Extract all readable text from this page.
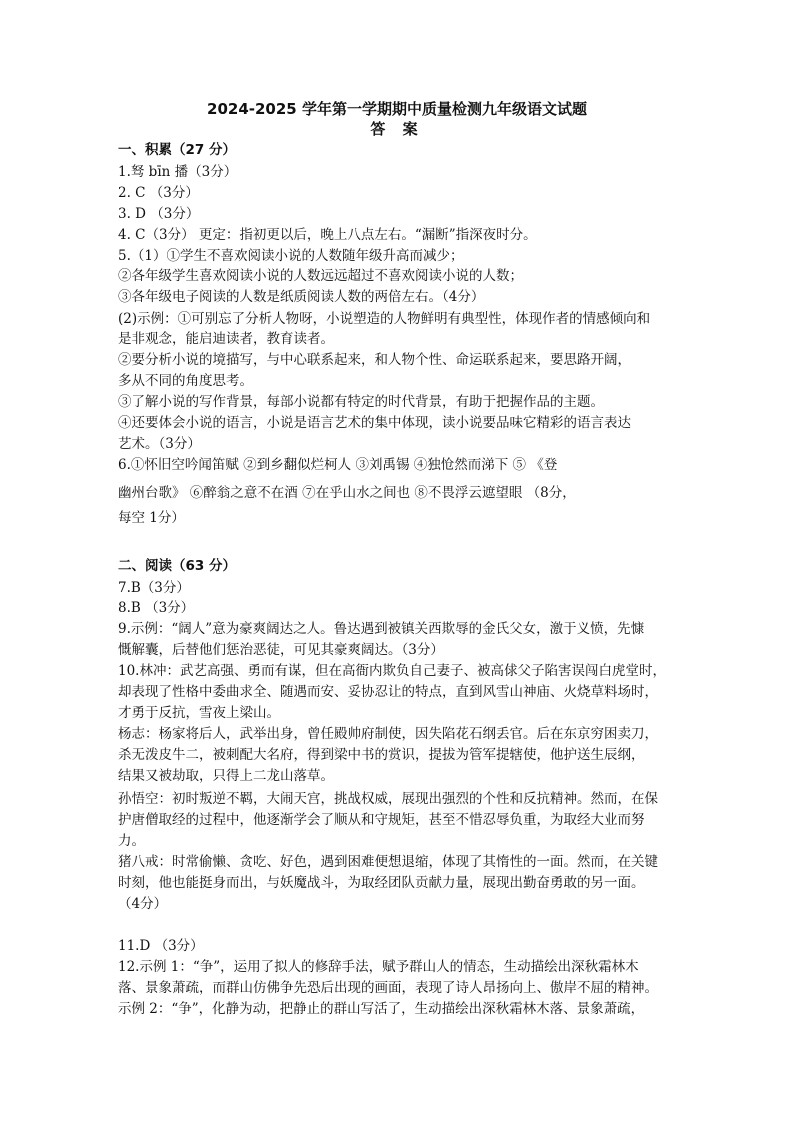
2024-2025 学年第一学期期中质量检测九年级语文试题
答 案
一、积累（27 分）
1.驽 bīn 播（3分）
2. C （3分）
3. D （3分）
4. C（3分） 更定：指初更以后，晚上八点左右。“漏断”指深夜时分。
5.（1）①学生不喜欢阅读小说的人数随年级升高而减少；
②各年级学生喜欢阅读小说的人数远远超过不喜欢阅读小说的人数；
③各年级电子阅读的人数是纸质阅读人数的两倍左右。（4分）
(2)示例：①可别忘了分析人物呀，小说塑造的人物鲜明有典型性，体现作者的情感倾向和
是非观念，能启迪读者，教育读者。
②要分析小说的境描写，与中心联系起来，和人物个性、命运联系起来，要思路开阔，
多从不同的角度思考。
③了解小说的写作背景，每部小说都有特定的时代背景，有助于把握作品的主题。
④还要体会小说的语言，小说是语言艺术的集中体现，读小说要品味它精彩的语言表达
艺术。（3分）
6.①怀旧空吟闻笛赋 ②到乡翻似烂柯人 ③刘禹锡 ④独怆然而涕下 ⑤ 《登
幽州台歌》 ⑥醉翁之意不在酒 ⑦在乎山水之间也 ⑧不畏浮云遮望眼 （8分，
每空 1分）
二、阅读（63 分）
7.B（3分）
8.B （3分）
9.示例：“阔人”意为豪爽阔达之人。鲁达遇到被镇关西欺辱的金氏父女，激于义愤，先慷
慨解囊，后替他们惩治恶徒，可见其豪爽阔达。（3分）
10.林冲：武艺高强、勇而有谋，但在高衙内欺负自己妻子、被高俅父子陷害误闯白虎堂时，
却表现了性格中委曲求全、随遇而安、妥协忍让的特点，直到风雪山神庙、火烧草料场时，
才勇于反抗，雪夜上梁山。
杨志：杨家将后人，武举出身，曾任殿帅府制使，因失陷花石纲丢官。后在东京穷困卖刀，
杀无泼皮牛二，被刺配大名府，得到梁中书的赏识，提拔为管军提辖使，他护送生辰纲，
结果又被劫取，只得上二龙山落草。
孙悟空：初时叛逆不羁，大闹天宫，挑战权威，展现出强烈的个性和反抗精神。然而，在保
护唐僧取经的过程中，他逐渐学会了顺从和守规矩，甚至不惜忍辱负重，为取经大业而努
力。
猪八戒：时常偷懒、贪吃、好色，遇到困难便想退缩，体现了其惰性的一面。然而，在关键
时刻，他也能挺身而出，与妖魔战斗，为取经团队贡献力量，展现出勤奋勇敢的另一面。
（4分）
11.D （3分）
12.示例 1：“争”，运用了拟人的修辞手法，赋予群山人的情态，生动描绘出深秋霜林木
落、景象萧疏，而群山仿佛争先恐后出现的画面，表现了诗人昂扬向上、傲岸不屈的精神。
示例 2：“争”，化静为动，把静止的群山写活了，生动描绘出深秋霜林木落、景象萧疏，
